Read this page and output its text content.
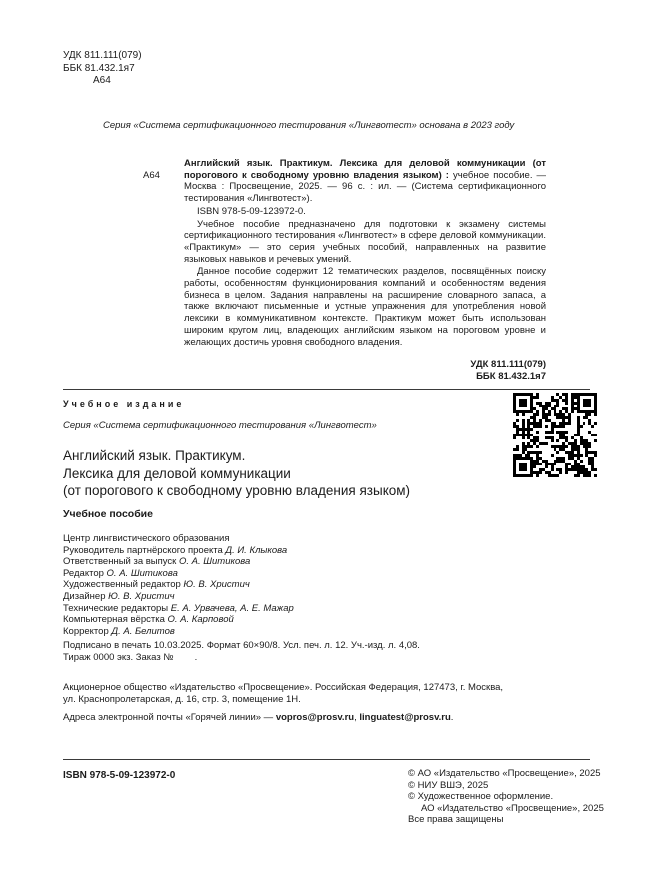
УДК 811.111(079)
ББК 81.432.1я7
А64
Серия «Система сертификационного тестирования «Лингвотест» основана в 2023 году
А64

Английский язык. Практикум. Лексика для деловой коммуникации (от порогового к свободному уровню владения языком) : учебное пособие. — Москва : Просвещение, 2025. — 96 с. : ил. — (Система сертификационного тестирования «Лингвотест»).

ISBN 978-5-09-123972-0.

Учебное пособие предназначено для подготовки к экзамену системы сертификационного тестирования «Лингвотест» в сфере деловой коммуникации. «Практикум» — это серия учебных пособий, направленных на развитие языковых навыков и речевых умений.

Данное пособие содержит 12 тематических разделов, посвящённых поиску работы, особенностям функционирования компаний и особенностям ведения бизнеса в целом. Задания направлены на расширение словарного запаса, а также включают письменные и устные упражнения для употребления новой лексики в коммуникативном контексте. Практикум может быть использован широким кругом лиц, владеющих английским языком на пороговом уровне и желающих достичь уровня свободного владения.

УДК 811.111(079)
ББК 81.432.1я7
Учебное издание
Серия «Система сертификационного тестирования «Лингвотест»
Английский язык. Практикум.
Лексика для деловой коммуникации
(от порогового к свободному уровню владения языком)
Учебное пособие
Центр лингвистического образования
Руководитель партнёрского проекта Д. И. Клыкова
Ответственный за выпуск О. А. Шитикова
Редактор О. А. Шитикова
Художественный редактор Ю. В. Христич
Дизайнер Ю. В. Христич
Технические редакторы Е. А. Урвачева, А. Е. Мажар
Компьютерная вёрстка О. А. Карповой
Корректор Д. А. Белитов
Подписано в печать 10.03.2025. Формат 60×90/8. Усл. печ. л. 12. Уч.-изд. л. 4,08.
Тираж 0000 экз. Заказ №        .
Акционерное общество «Издательство «Просвещение». Российская Федерация, 127473, г. Москва,
ул. Краснопролетарская, д. 16, стр. 3, помещение 1Н.
Адреса электронной почты «Горячей линии» — vopros@prosv.ru, linguatest@prosv.ru.
ISBN 978-5-09-123972-0	© АО «Издательство «Просвещение», 2025
© НИУ ВШЭ, 2025
© Художественное оформление.
АО «Издательство «Просвещение», 2025
Все права защищены
